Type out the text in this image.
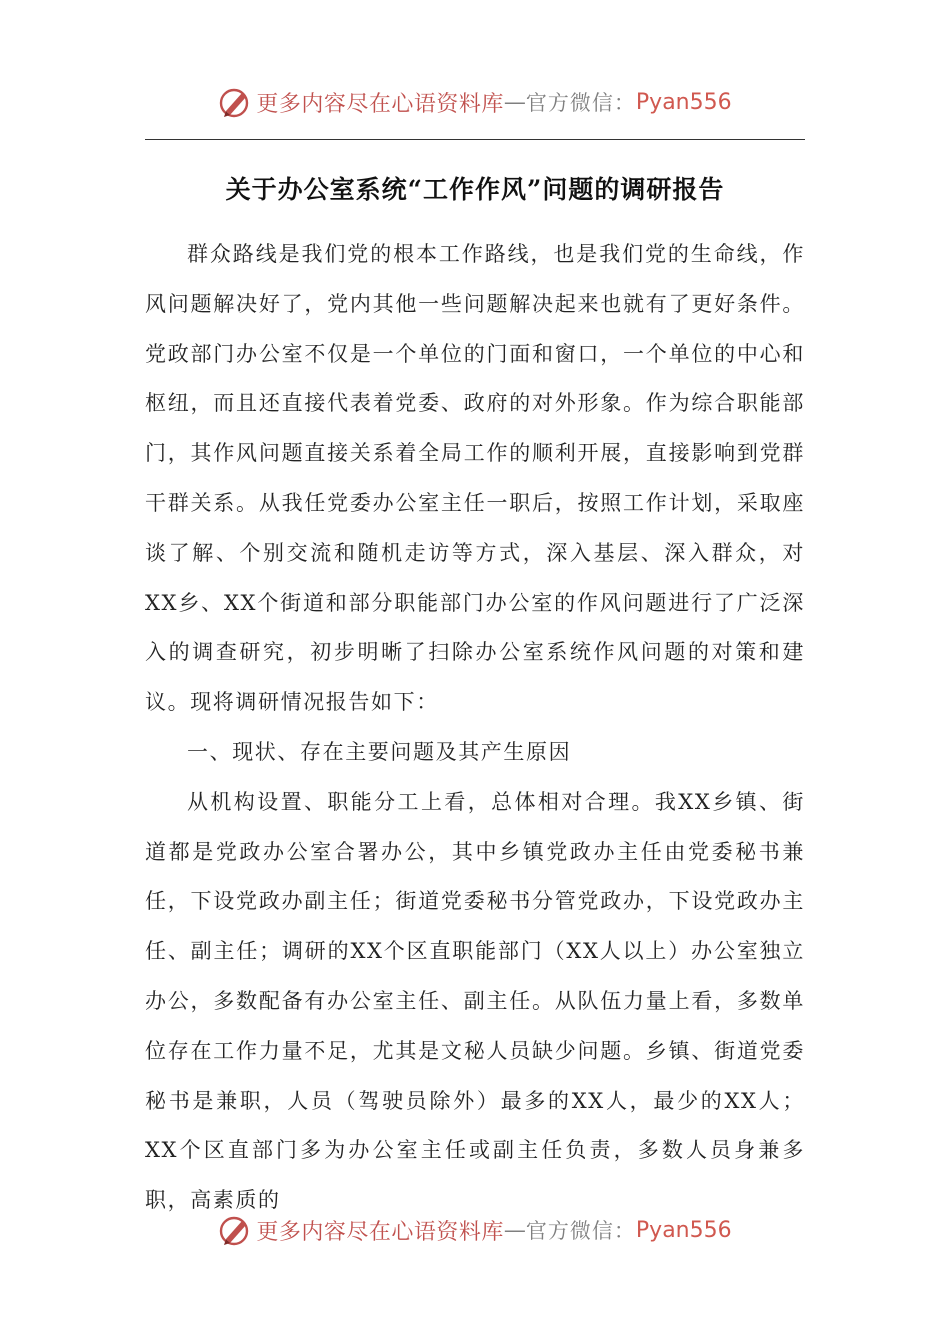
更多内容尽在心语资料库 — 官方微信： Pyan556
关于办公室系统“工作作风”问题的调研报告

群众路线是我们党的根本工作路线，也是我们党的生命线，作风问题解决好了，党内其他一些问题解决起来也就有了更好条件。党政部门办公室不仅是一个单位的门面和窗口，一个单位的中心和枢纽，而且还直接代表着党委、政府的对外形象。作为综合职能部门，其作风问题直接关系着全局工作的顺利开展，直接影响到党群干群关系。从我任党委办公室主任一职后，按照工作计划，采取座谈了解、个别交流和随机走访等方式，深入基层、深入群众，对XX乡、XX个街道和部分职能部门办公室的作风问题进行了广泛深入的调查研究，初步明晰了扫除办公室系统作风问题的对策和建议。现将调研情况报告如下：

一、现状、存在主要问题及其产生原因

从机构设置、职能分工上看，总体相对合理。我XX乡镇、街道都是党政办公室合署办公，其中乡镇党政办主任由党委秘书兼任，下设党政办副主任；街道党委秘书分管党政办，下设党政办主任、副主任；调研的XX个区直职能部门（XX人以上）办公室独立办公，多数配备有办公室主任、副主任。从队伍力量上看，多数单位存在工作力量不足，尤其是文秘人员缺少问题。乡镇、街道党委秘书是兼职，人员（驾驶员除外）最多的XX人，最少的XX人；XX个区直部门多为办公室主任或副主任负责，多数人员身兼多职，高素质的

更多内容尽在心语资料库 — 官方微信： Pyan556
